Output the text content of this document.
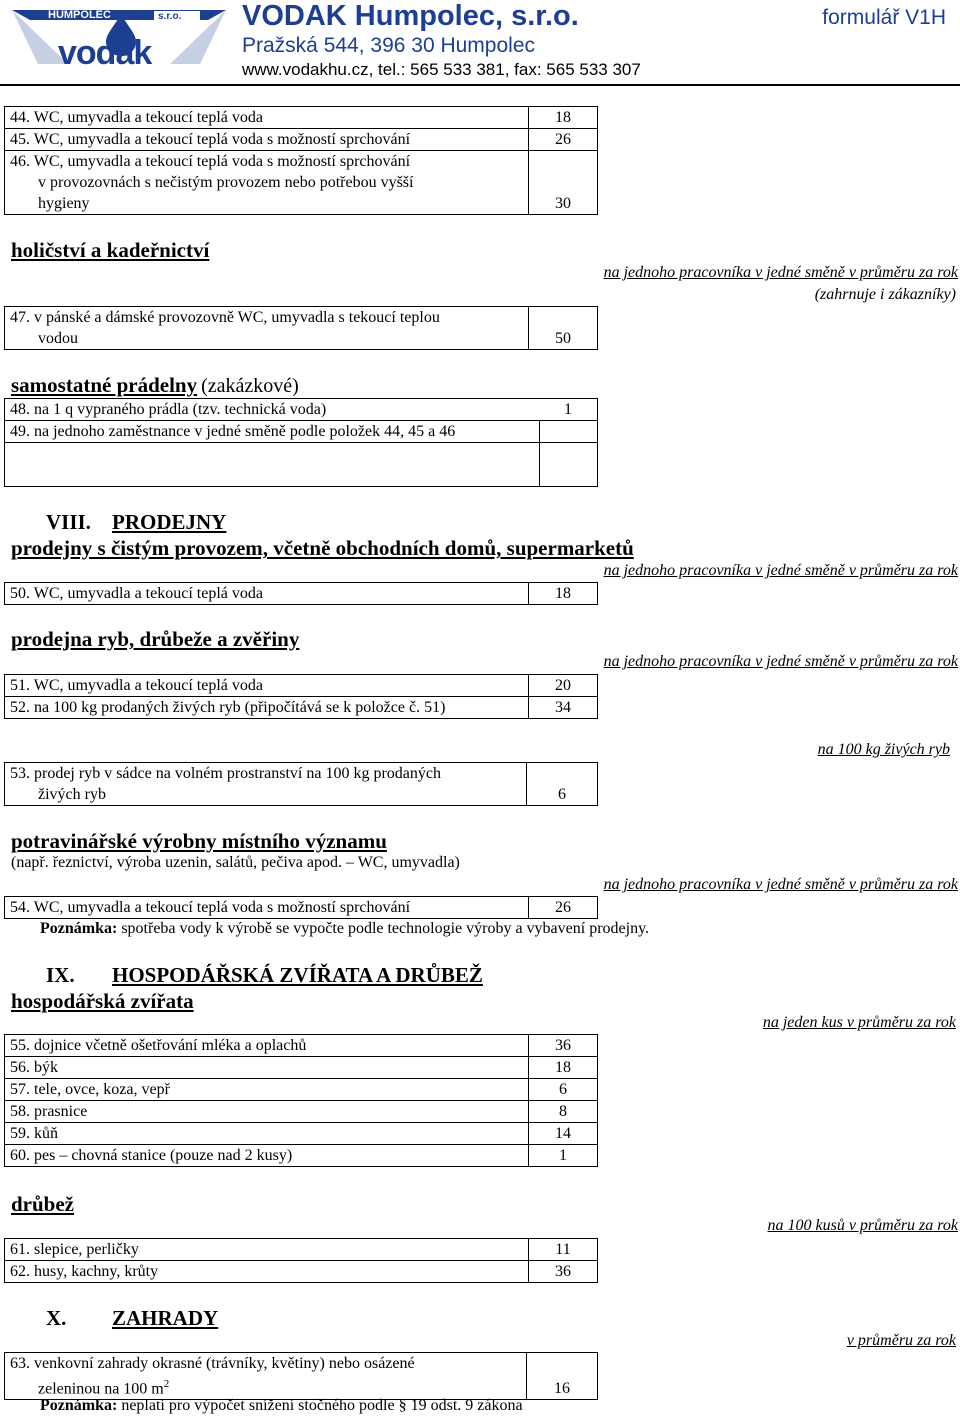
HUMPOLEC	s.r.o.
vodak
VODAK Humpolec, s.r.o.
Pražská 544, 396 30 Humpolec
www.vodakhu.cz, tel.: 565 533 381, fax: 565 533 307
formulář V1H
44. WC, umyvadla a tekoucí teplá voda	18
45. WC, umyvadla a tekoucí teplá voda s možností sprchování	26
46. WC, umyvadla a tekoucí teplá voda s možností sprchování
v provozovnách s nečistým provozem nebo potřebou vyšší
hygieny	30
holičství a kadeřnictví
na jednoho pracovníka v jedné směně v průměru za rok
(zahrnuje i zákazníky)
47. v pánské a dámské provozovně WC, umyvadla s tekoucí teplou
vodou	50
samostatné prádelny (zakázkové)
48. na 1 q vypraného prádla (tzv. technická voda)	1
49. na jednoho zaměstnance v jedné směně podle položek 44, 45 a 46	

VIII. PRODEJNY
prodejny s čistým provozem, včetně obchodních domů, supermarketů
na jednoho pracovníka v jedné směně v průměru za rok
50. WC, umyvadla a tekoucí teplá voda	18
prodejna ryb, drůbeže a zvěřiny
na jednoho pracovníka v jedné směně v průměru za rok
51. WC, umyvadla a tekoucí teplá voda	20
52. na 100 kg prodaných živých ryb (připočítává se k položce č. 51)	34
na 100 kg živých ryb
53. prodej ryb v sádce na volném prostranství na 100 kg prodaných
živých ryb	6
potravinářské výrobny místního významu
(např. řeznictví, výroba uzenin, salátů, pečiva apod. – WC, umyvadla)
na jednoho pracovníka v jedné směně v průměru za rok
54. WC, umyvadla a tekoucí teplá voda s možností sprchování	26
Poznámka: spotřeba vody k výrobě se vypočte podle technologie výroby a vybavení prodejny.
IX. HOSPODÁŘSKÁ ZVÍŘATA A DRŮBEŽ
hospodářská zvířata
na jeden kus v průměru za rok
55. dojnice včetně ošetřování mléka a oplachů	36
56. býk	18
57. tele, ovce, koza, vepř	6
58. prasnice	8
59. kůň	14
60. pes – chovná stanice (pouze nad 2 kusy)	1
drůbež
na 100 kusů v průměru za rok
61. slepice, perličky	11
62. husy, kachny, krůty	36
X. ZAHRADY
v průměru za rok
63. venkovní zahrady okrasné (trávníky, květiny) nebo osázené
zeleninou na 100 $m^2$	16
Poznámka: neplatí pro výpočet snížení stočného podle § 19 odst. 9 zákona
